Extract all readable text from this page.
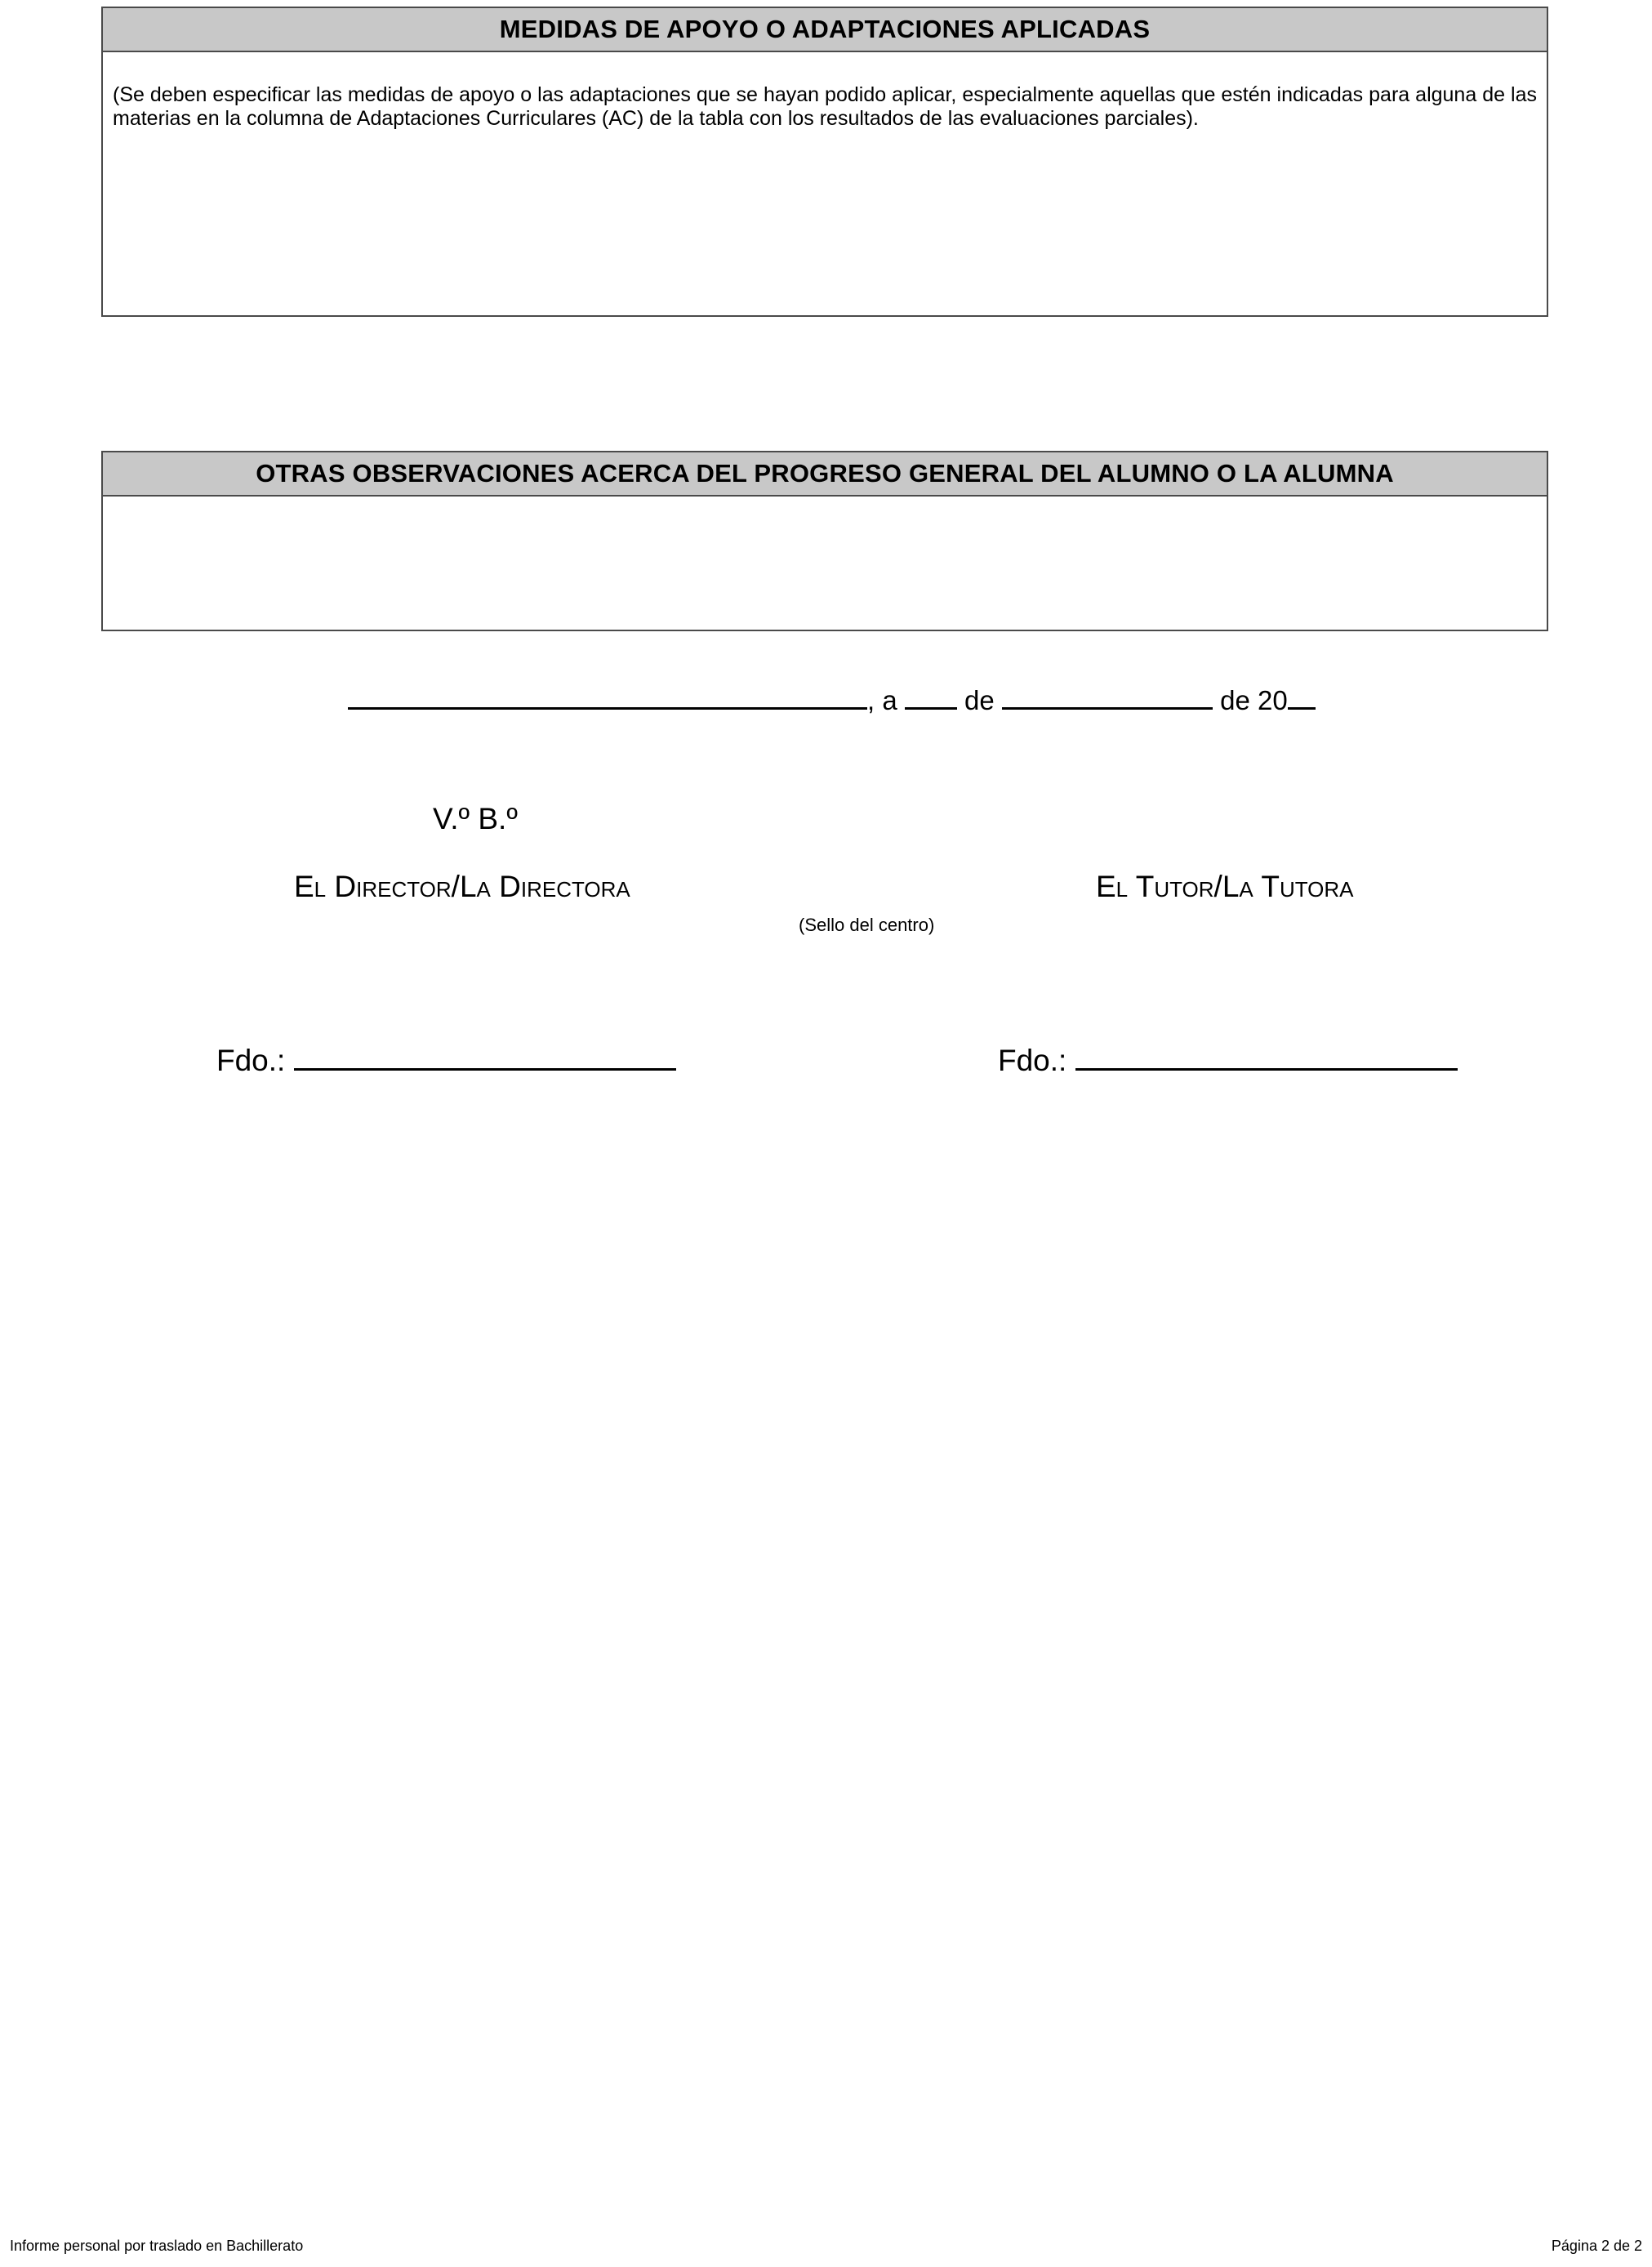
MEDIDAS DE APOYO O ADAPTACIONES APLICADAS
(Se deben especificar las medidas de apoyo o las adaptaciones que se hayan podido aplicar, especialmente aquellas que estén indicadas para alguna de las materias en la columna de Adaptaciones Curriculares (AC) de la tabla con los resultados de las evaluaciones parciales).
OTRAS OBSERVACIONES ACERCA DEL PROGRESO GENERAL DEL ALUMNO O LA ALUMNA
, a de	de 20
V.º B.º
El Director/La Directora	El Tutor/La Tutora
(Sello del centro)
Fdo.:	Fdo.:
Informe personal por traslado en Bachillerato	Página 2 de 2
